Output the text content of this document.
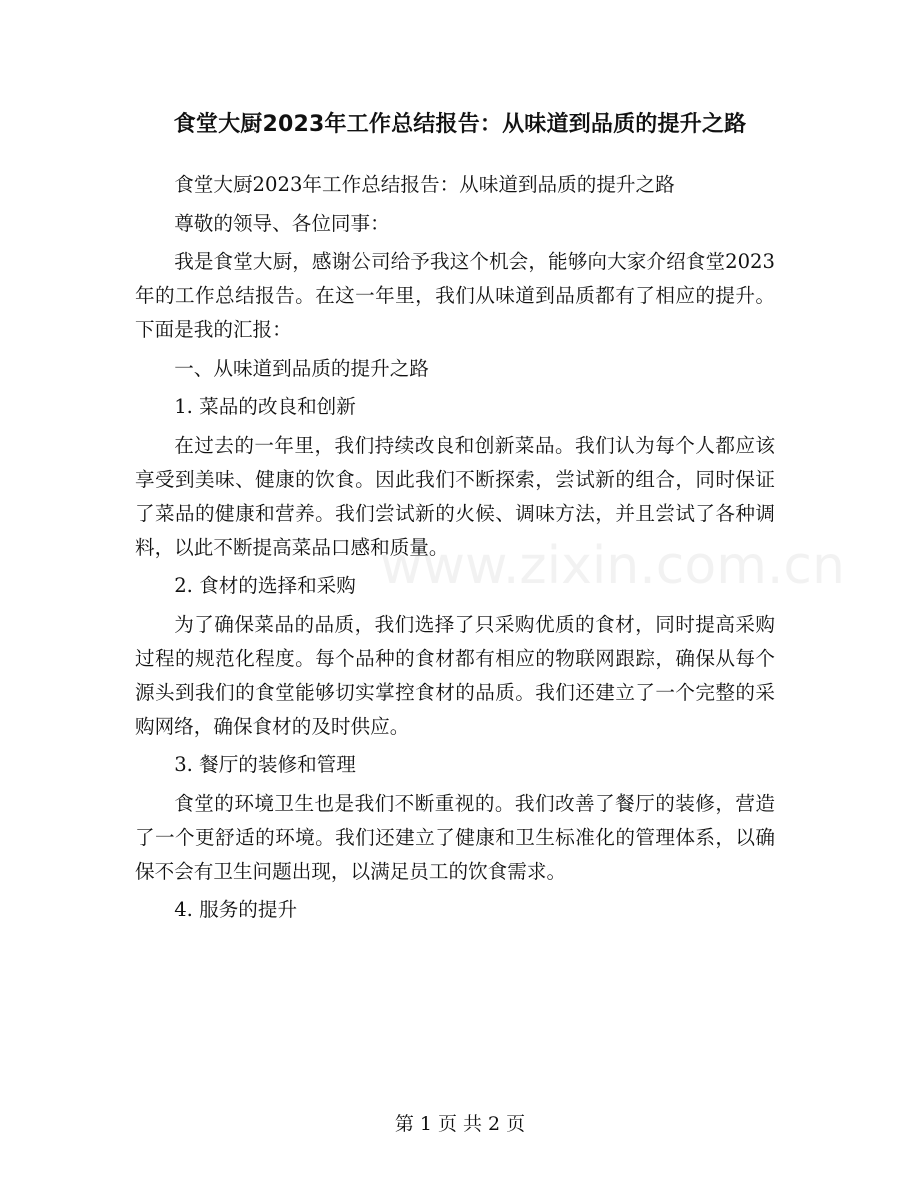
食堂大厨2023年工作总结报告：从味道到品质的提升之路

食堂大厨2023年工作总结报告：从味道到品质的提升之路

尊敬的领导、各位同事：

我是食堂大厨，感谢公司给予我这个机会，能够向大家介绍食堂2023年的工作总结报告。在这一年里，我们从味道到品质都有了相应的提升。下面是我的汇报：

一、从味道到品质的提升之路

1. 菜品的改良和创新

在过去的一年里，我们持续改良和创新菜品。我们认为每个人都应该享受到美味、健康的饮食。因此我们不断探索，尝试新的组合，同时保证了菜品的健康和营养。我们尝试新的火候、调味方法，并且尝试了各种调料，以此不断提高菜品口感和质量。

2. 食材的选择和采购

为了确保菜品的品质，我们选择了只采购优质的食材，同时提高采购过程的规范化程度。每个品种的食材都有相应的物联网跟踪，确保从每个源头到我们的食堂能够切实掌控食材的品质。我们还建立了一个完整的采购网络，确保食材的及时供应。

3. 餐厅的装修和管理

食堂的环境卫生也是我们不断重视的。我们改善了餐厅的装修，营造了一个更舒适的环境。我们还建立了健康和卫生标准化的管理体系，以确保不会有卫生问题出现，以满足员工的饮食需求。

4. 服务的提升

www.zixin.com.cn
第 1 页 共 2 页
